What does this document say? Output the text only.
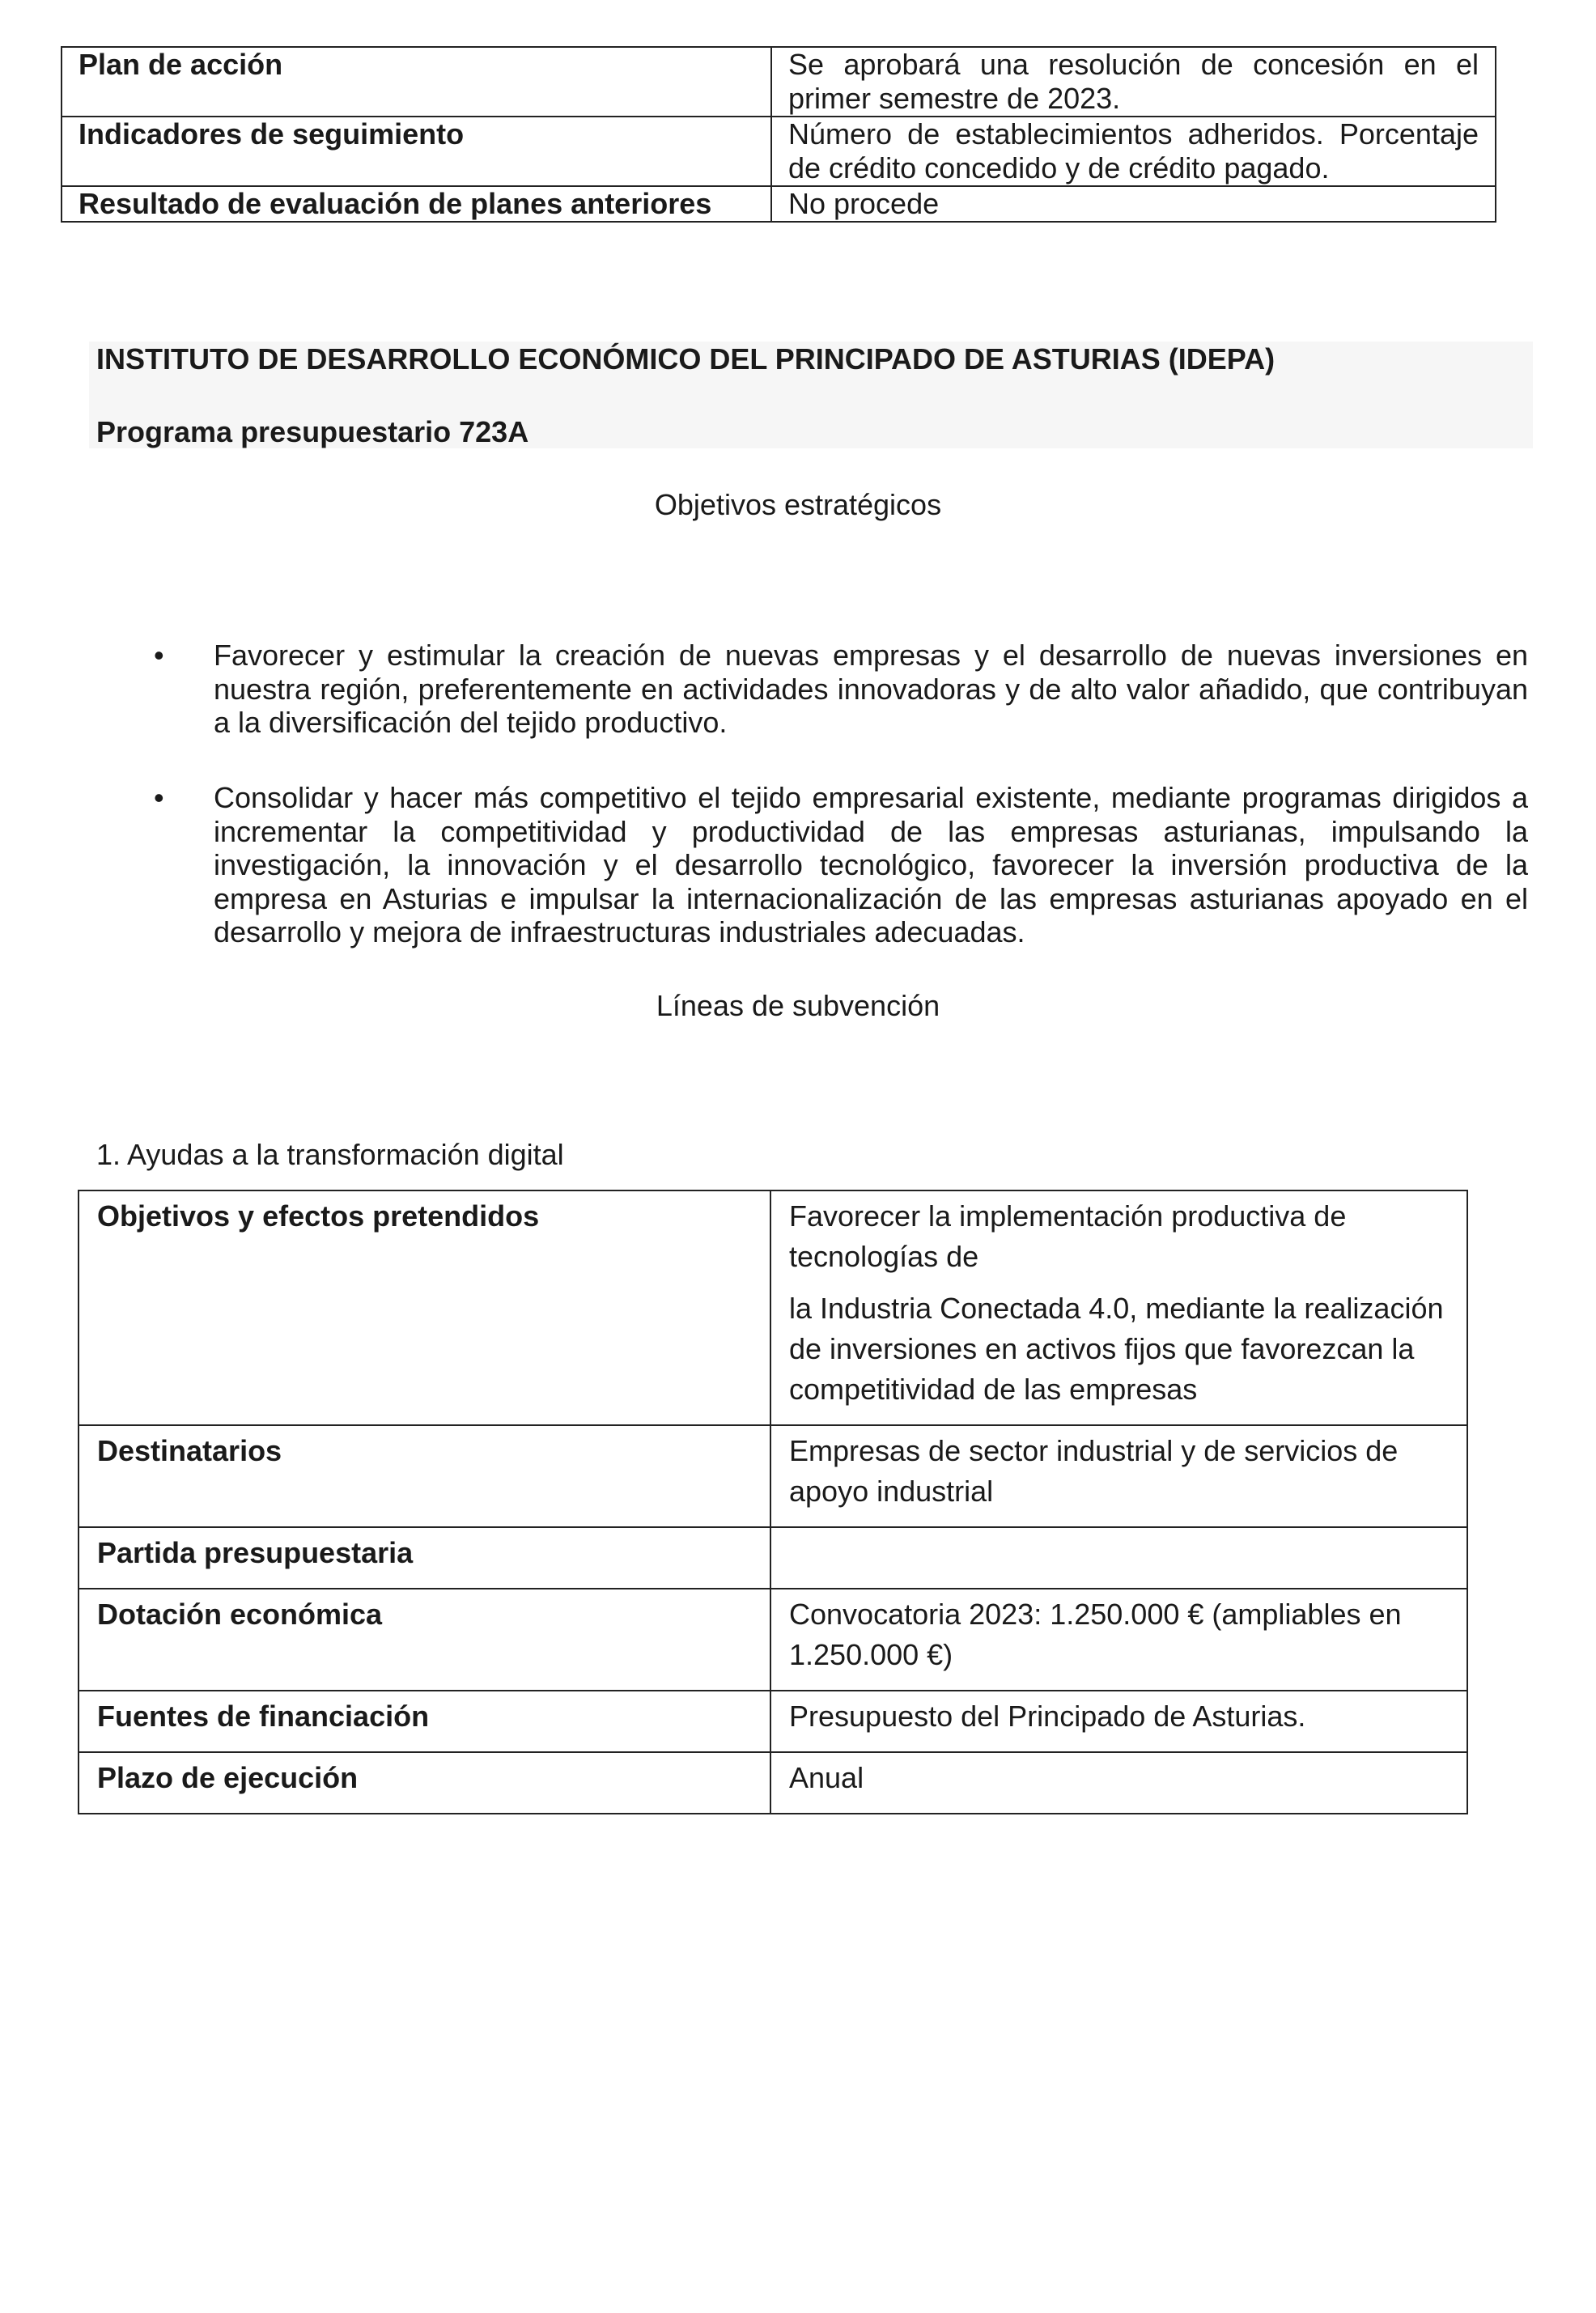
Plan de acción	Se aprobará una resolución de concesión en el primer semestre de 2023.
Indicadores de seguimiento	Número de establecimientos adheridos. Porcentaje de crédito concedido y de crédito pagado.
Resultado de evaluación de planes anteriores	No procede
INSTITUTO DE DESARROLLO ECONÓMICO DEL PRINCIPADO DE ASTURIAS (IDEPA)
Programa presupuestario 723A
Objetivos estratégicos
• Favorecer y estimular la creación de nuevas empresas y el desarrollo de nuevas inversiones en nuestra región, preferentemente en actividades innovadoras y de alto valor añadido, que contribuyan a la diversificación del tejido productivo.
• Consolidar y hacer más competitivo el tejido empresarial existente, mediante programas dirigidos a incrementar la competitividad y productividad de las empresas asturianas, impulsando la investigación, la innovación y el desarrollo tecnológico, favorecer la inversión productiva de la empresa en Asturias e impulsar la internacionalización de las empresas asturianas apoyado en el desarrollo y mejora de infraestructuras industriales adecuadas.
Líneas de subvención
1. Ayudas a la transformación digital
Objetivos y efectos pretendidos	Favorecer la implementación productiva de tecnologías de

la Industria Conectada 4.0, mediante la realización de inversiones en activos fijos que favorezcan la competitividad de las empresas

Destinatarios	Empresas de sector industrial y de servicios de apoyo industrial

Partida presupuestaria	

Dotación económica	Convocatoria 2023: 1.250.000 € (ampliables en 1.250.000 €)

Fuentes de financiación	Presupuesto del Principado de Asturias.

Plazo de ejecución	Anual
